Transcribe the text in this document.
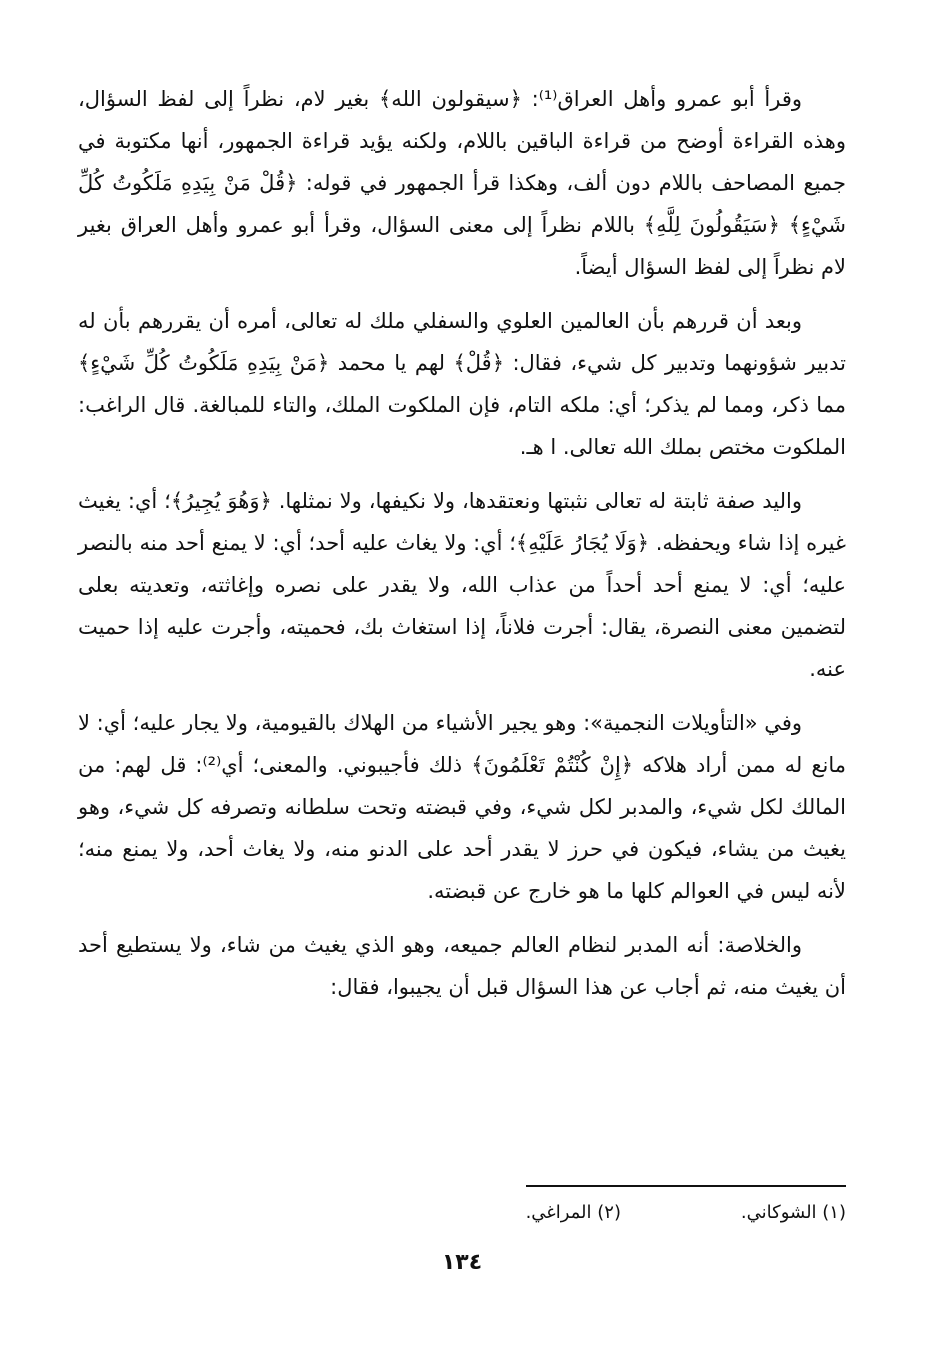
وقرأ أبو عمرو وأهل العراق⁽¹⁾: ﴿سيقولون الله﴾ بغير لام، نظراً إلى لفظ السؤال، وهذه القراءة أوضح من قراءة الباقين باللام، ولكنه يؤيد قراءة الجمهور، أنها مكتوبة في جميع المصاحف باللام دون ألف، وهكذا قرأ الجمهور في قوله: ﴿قُلْ مَنْ بِيَدِهِ مَلَكُوتُ كُلِّ شَيْءٍ﴾ ﴿سَيَقُولُونَ لِلَّهِ﴾ باللام نظراً إلى معنى السؤال، وقرأ أبو عمرو وأهل العراق بغير لام نظراً إلى لفظ السؤال أيضاً.

وبعد أن قررهم بأن العالمين العلوي والسفلي ملك له تعالى، أمره أن يقررهم بأن له تدبير شؤونهما وتدبير كل شيء، فقال: ﴿قُلْ﴾ لهم يا محمد ﴿مَنْ بِيَدِهِ مَلَكُوتُ كُلِّ شَيْءٍ﴾ مما ذكر، ومما لم يذكر؛ أي: ملكه التام، فإن الملكوت الملك، والتاء للمبالغة. قال الراغب: الملكوت مختص بملك الله تعالى. ا هـ.

واليد صفة ثابتة له تعالى نثبتها ونعتقدها، ولا نكيفها، ولا نمثلها. ﴿وَهُوَ يُجِيرُ﴾؛ أي: يغيث غيره إذا شاء ويحفظه. ﴿وَلَا يُجَارُ عَلَيْهِ﴾؛ أي: ولا يغاث عليه أحد؛ أي: لا يمنع أحد منه بالنصر عليه؛ أي: لا يمنع أحد أحداً من عذاب الله، ولا يقدر على نصره وإغاثته، وتعديته بعلى لتضمين معنى النصرة، يقال: أجرت فلاناً، إذا استغاث بك، فحميته، وأجرت عليه إذا حميت عنه.

وفي «التأويلات النجمية»: وهو يجير الأشياء من الهلاك بالقيومية، ولا يجار عليه؛ أي: لا مانع له ممن أراد هلاكه ﴿إِنْ كُنْتُمْ تَعْلَمُونَ﴾ ذلك فأجيبوني. والمعنى؛ أي⁽²⁾: قل لهم: من المالك لكل شيء، والمدبر لكل شيء، وفي قبضته وتحت سلطانه وتصرفه كل شيء، وهو يغيث من يشاء، فيكون في حرز لا يقدر أحد على الدنو منه، ولا يغاث أحد، ولا يمنع منه؛ لأنه ليس في العوالم كلها ما هو خارج عن قبضته.

والخلاصة: أنه المدبر لنظام العالم جميعه، وهو الذي يغيث من شاء، ولا يستطيع أحد أن يغيث منه، ثم أجاب عن هذا السؤال قبل أن يجيبوا، فقال:

(١) الشوكاني.
(٢) المراغي.
١٣٤
